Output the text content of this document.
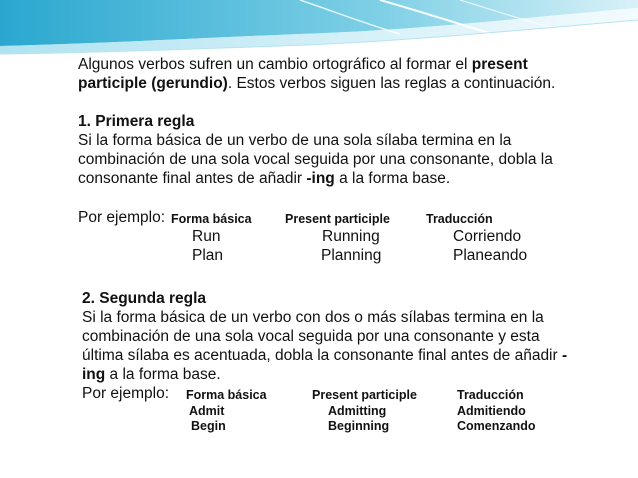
Algunos verbos sufren un cambio ortográfico al formar el present

participle (gerundio). Estos verbos siguen las reglas a continuación.

1. Primera regla

Si la forma básica de un verbo de una sola sílaba termina en la

combinación de una sola vocal seguida por una consonante, dobla la

consonante final antes de añadir -ing a la forma base.

Por ejemplo: Forma básica	Present participle	Traducción
Run	Running	Corriendo
Plan	Planning	Planeando

2. Segunda regla

Si la forma básica de un verbo con dos o más sílabas termina en la

combinación de una sola vocal seguida por una consonante y esta

última sílaba es acentuada, dobla la consonante final antes de añadir -

ing a la forma base.

Por ejemplo: Forma básica	Present participle	Traducción
Admit	Admitting	Admitiendo
Begin	Beginning	Comenzando
